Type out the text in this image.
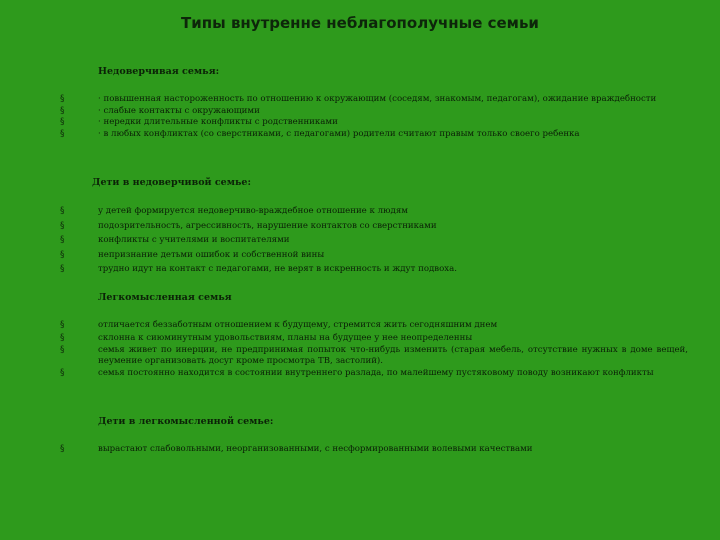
Типы внутренне неблагополучные семьи
Недоверчивая семья:
§	· повышенная настороженность по отношению к окружающим (соседям, знакомым, педагогам), ожидание враждебности
§	· слабые контакты с окружающими
§	· нередки длительные конфликты с родственниками
§	· в любых конфликтах (со сверстниками, с педагогами) родители считают правым только своего ребенка
Дети в недоверчивой семье:
§	у детей формируется недоверчиво-враждебное отношение к людям
§	подозрительность, агрессивность, нарушение контактов со сверстниками
§	конфликты с учителями и воспитателями
§	непризнание детьми ошибок и собственной вины
§	трудно идут на контакт с педагогами, не верят в искренность и ждут подвоха.
Легкомысленная семья
§	отличается беззаботным отношением к будущему, стремится жить сегодняшним днем
§	склонна к сиюминутным удовольствиям, планы на будущее у нее неопределенны
§	семья живет по инерции, не предпринимая попыток что-нибудь изменить (старая мебель, отсутствие нужных в доме вещей, неумение организовать досуг кроме просмотра ТВ, застолий).
§	семья постоянно находится в состоянии внутреннего разлада, по малейшему пустяковому поводу возникают конфликты
Дети в легкомысленной семье:
§	вырастают слабовольными, неорганизованными, с несформированными волевыми качествами
